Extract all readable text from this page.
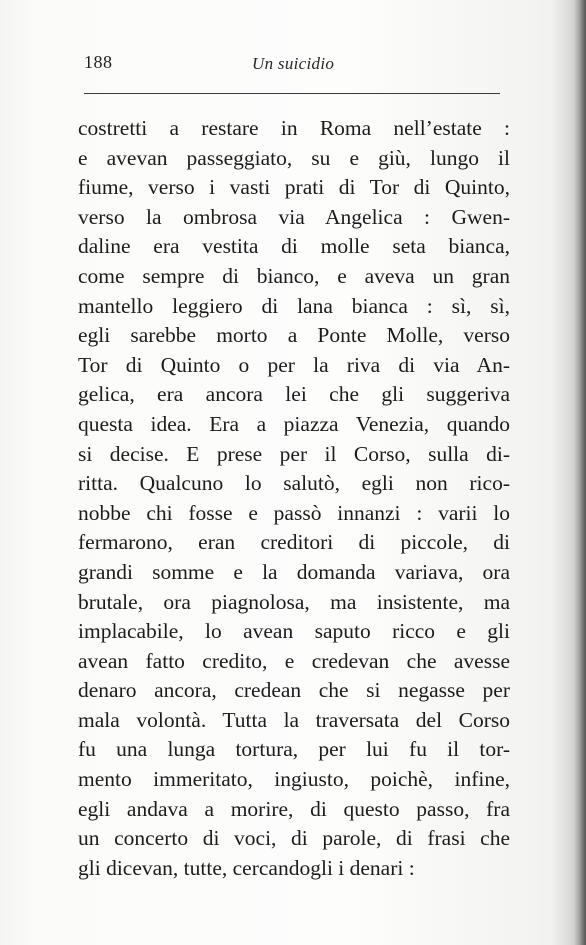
188	Un suicidio
costretti a restare in Roma nell’estate :
e avevan passeggiato, su e giù, lungo il
fiume, verso i vasti prati di Tor di Quinto,
verso la ombrosa via Angelica : Gwen-
daline era vestita di molle seta bianca,
come sempre di bianco, e aveva un gran
mantello leggiero di lana bianca : sì, sì,
egli sarebbe morto a Ponte Molle, verso
Tor di Quinto o per la riva di via An-
gelica, era ancora lei che gli suggeriva
questa idea. Era a piazza Venezia, quando
si decise. E prese per il Corso, sulla di-
ritta. Qualcuno lo salutò, egli non rico-
nobbe chi fosse e passò innanzi : varii lo
fermarono, eran creditori di piccole, di
grandi somme e la domanda variava, ora
brutale, ora piagnolosa, ma insistente, ma
implacabile, lo avean saputo ricco e gli
avean fatto credito, e credevan che avesse
denaro ancora, credean che si negasse per
mala volontà. Tutta la traversata del Corso
fu una lunga tortura, per lui fu il tor-
mento immeritato, ingiusto, poichè, infine,
egli andava a morire, di questo passo, fra
un concerto di voci, di parole, di frasi che
gli dicevan, tutte, cercandogli i denari :
